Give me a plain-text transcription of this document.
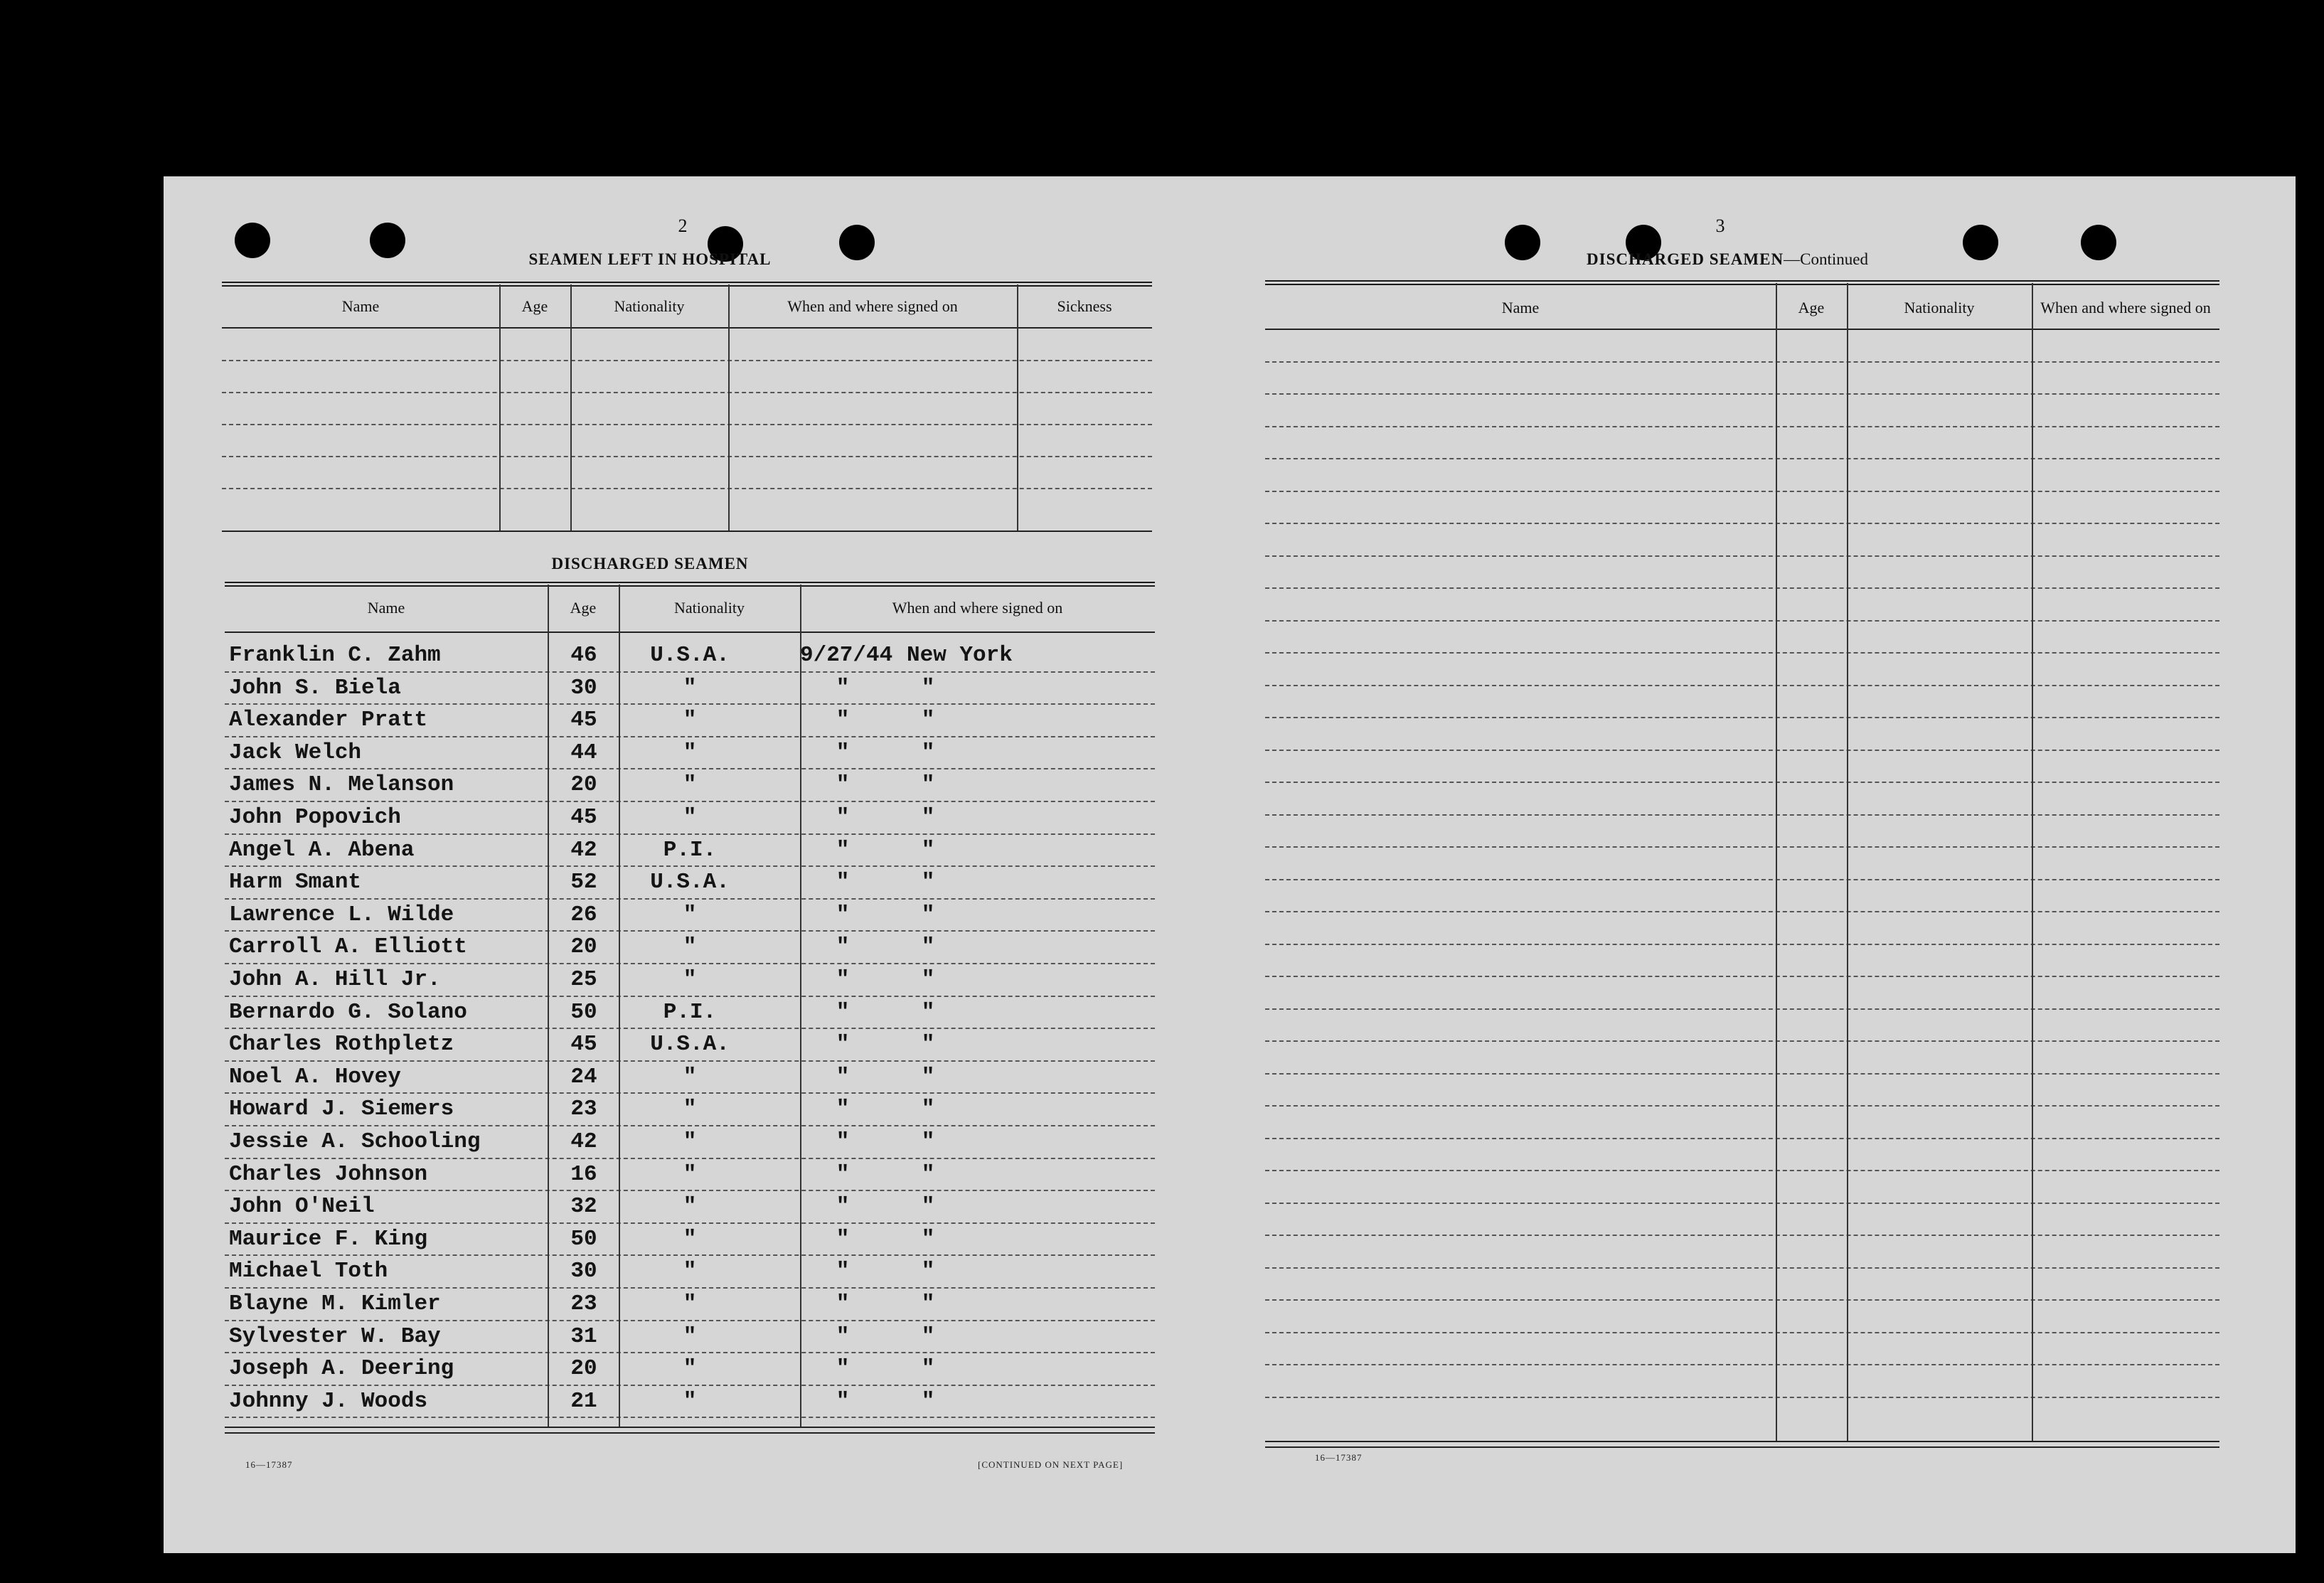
2
SEAMEN LEFT IN HOSPITAL
Name	Age	Nationality	When and where signed on	Sickness
DISCHARGED SEAMEN
Name	Age	Nationality	When and where signed on
Franklin C. Zahm	46	U.S.A.	9/27/44 New York
John S. Biela	30	"	"	"
Alexander Pratt	45	"	"	"
Jack Welch	44	"	"	"
James N. Melanson	20	"	"	"
John Popovich	45	"	"	"
Angel A. Abena	42	P.I.	"	"
Harm Smant	52	U.S.A.	"	"
Lawrence L. Wilde	26	"	"	"
Carroll A. Elliott	20	"	"	"
John A. Hill Jr.	25	"	"	"
Bernardo G. Solano	50	P.I.	"	"
Charles Rothpletz	45	U.S.A.	"	"
Noel A. Hovey	24	"	"	"
Howard J. Siemers	23	"	"	"
Jessie A. Schooling	42	"	"	"
Charles Johnson	16	"	"	"
John O'Neil	32	"	"	"
Maurice F. King	50	"	"	"
Michael Toth	30	"	"	"
Blayne M. Kimler	23	"	"	"
Sylvester W. Bay	31	"	"	"
Joseph A. Deering	20	"	"	"
Johnny J. Woods	21	"	"	"
16—17387	[CONTINUED ON NEXT PAGE]
3
DISCHARGED SEAMEN—Continued
Name	Age	Nationality	When and where signed on
16—17387
